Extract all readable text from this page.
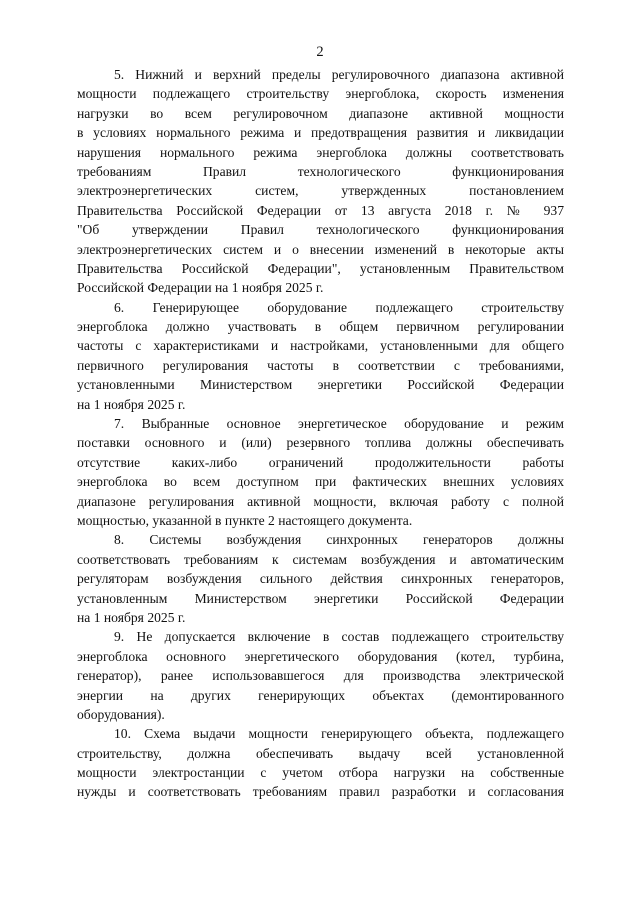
2
5. Нижний и верхний пределы регулировочного диапазона активной
мощности подлежащего строительству энергоблока, скорость изменения
нагрузки во всем регулировочном диапазоне активной мощности
в условиях нормального режима и предотвращения развития и ликвидации
нарушения нормального режима энергоблока должны соответствовать
требованиям Правил технологического функционирования
электроэнергетических систем, утвержденных постановлением
Правительства Российской Федерации от 13 августа 2018 г. № 937
"Об утверждении Правил технологического функционирования
электроэнергетических систем и о внесении изменений в некоторые акты
Правительства Российской Федерации", установленным Правительством
Российской Федерации на 1 ноября 2025 г.
6. Генерирующее оборудование подлежащего строительству
энергоблока должно участвовать в общем первичном регулировании
частоты с характеристиками и настройками, установленными для общего
первичного регулирования частоты в соответствии с требованиями,
установленными Министерством энергетики Российской Федерации
на 1 ноября 2025 г.
7. Выбранные основное энергетическое оборудование и режим
поставки основного и (или) резервного топлива должны обеспечивать
отсутствие каких-либо ограничений продолжительности работы
энергоблока во всем доступном при фактических внешних условиях
диапазоне регулирования активной мощности, включая работу с полной
мощностью, указанной в пункте 2 настоящего документа.
8. Системы возбуждения синхронных генераторов должны
соответствовать требованиям к системам возбуждения и автоматическим
регуляторам возбуждения сильного действия синхронных генераторов,
установленным Министерством энергетики Российской Федерации
на 1 ноября 2025 г.
9. Не допускается включение в состав подлежащего строительству
энергоблока основного энергетического оборудования (котел, турбина,
генератор), ранее использовавшегося для производства электрической
энергии на других генерирующих объектах (демонтированного
оборудования).
10. Схема выдачи мощности генерирующего объекта, подлежащего
строительству, должна обеспечивать выдачу всей установленной
мощности электростанции с учетом отбора нагрузки на собственные
нужды и соответствовать требованиям правил разработки и согласования
